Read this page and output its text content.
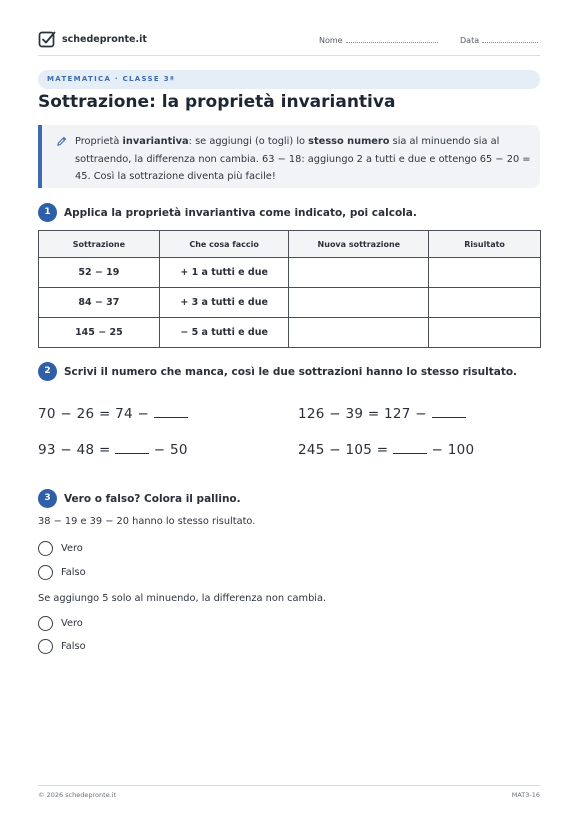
schedepronte.it	Nome	Data
MATEMATICA · CLASSE 3ª
Sottrazione: la proprietà invariantiva
Proprietà invariantiva: se aggiungi (o togli) lo stesso numero sia al minuendo sia al sottraendo, la differenza non cambia. 63 − 18: aggiungo 2 a tutti e due e ottengo 65 − 20 = 45. Così la sottrazione diventa più facile!
1	Applica la proprietà invariantiva come indicato, poi calcola.
Sottrazione	Che cosa faccio	Nuova sottrazione	Risultato
52 − 19	+ 1 a tutti e due		
84 − 37	+ 3 a tutti e due		
145 − 25	− 5 a tutti e due		
2	Scrivi il numero che manca, così le due sottrazioni hanno lo stesso risultato.
70 − 26 = 74 −	126 − 39 = 127 −
93 − 48 =	− 50	245 − 105 =	− 100
3	Vero o falso? Colora il pallino.
38 − 19 e 39 − 20 hanno lo stesso risultato.
Vero
Falso
Se aggiungo 5 solo al minuendo, la differenza non cambia.
Vero
Falso
© 2026 schedepronte.it	MAT3-16
